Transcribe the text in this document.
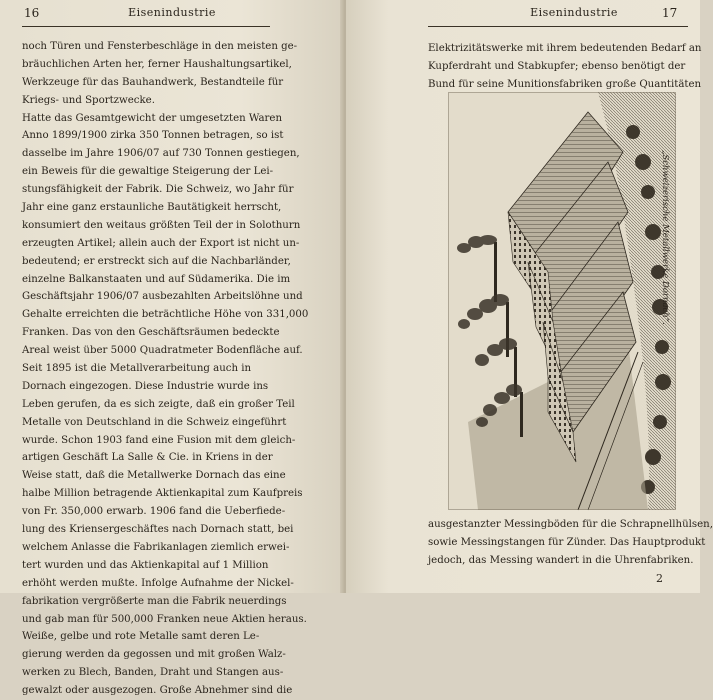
16	Eisenindustrie
noch Türen und Fensterbeschläge in den meisten ge-
bräuchlichen Arten her, ferner Haushaltungsartikel,
Werkzeuge für das Bauhandwerk, Bestandteile für
Kriegs- und Sportzwecke.
Hatte das Gesamtgewicht der umgesetzten Waren
Anno 1899/1900 zirka 350 Tonnen betragen, so ist
dasselbe im Jahre 1906/07 auf 730 Tonnen gestiegen,
ein Beweis für die gewaltige Steigerung der Lei-
stungsfähigkeit der Fabrik. Die Schweiz, wo Jahr für
Jahr eine ganz erstaunliche Bautätigkeit herrscht,
konsumiert den weitaus größten Teil der in Solothurn
erzeugten Artikel; allein auch der Export ist nicht un-
bedeutend; er erstreckt sich auf die Nachbarländer,
einzelne Balkanstaaten und auf Südamerika. Die im
Geschäftsjahr 1906/07 ausbezahlten Arbeitslöhne und
Gehalte erreichten die beträchtliche Höhe von 331,000
Franken. Das von den Geschäftsräumen bedeckte
Areal weist über 5000 Quadratmeter Bodenfläche auf.
Seit 1895 ist die Metallverarbeitung auch in
Dornach eingezogen. Diese Industrie wurde ins
Leben gerufen, da es sich zeigte, daß ein großer Teil
Metalle von Deutschland in die Schweiz eingeführt
wurde. Schon 1903 fand eine Fusion mit dem gleich-
artigen Geschäft La Salle & Cie. in Kriens in der
Weise statt, daß die Metallwerke Dornach das eine
halbe Million betragende Aktienkapital zum Kaufpreis
von Fr. 350,000 erwarb. 1906 fand die Ueberfiede-
lung des Kriensergeschäftes nach Dornach statt, bei
welchem Anlasse die Fabrikanlagen ziemlich erwei-
tert wurden und das Aktienkapital auf 1 Million
erhöht werden mußte. Infolge Aufnahme der Nickel-
fabrikation vergrößerte man die Fabrik neuerdings
und gab man für 500,000 Franken neue Aktien heraus.
Weiße, gelbe und rote Metalle samt deren Le-
gierung werden da gegossen und mit großen Walz-
werken zu Blech, Banden, Draht und Stangen aus-
gewalzt oder ausgezogen. Große Abnehmer sind die
Eisenindustrie	17
Elektrizitätswerke mit ihrem bedeutenden Bedarf an
Kupferdraht und Stabkupfer; ebenso benötigt der
Bund für seine Munitionsfabriken große Quantitäten
„Schweizerische Metallwerke Dornach“.
ausgestanzter Messingböden für die Schrapnellhülsen,
sowie Messingstangen für Zünder. Das Hauptprodukt
jedoch, das Messing wandert in die Uhrenfabriken.
2
